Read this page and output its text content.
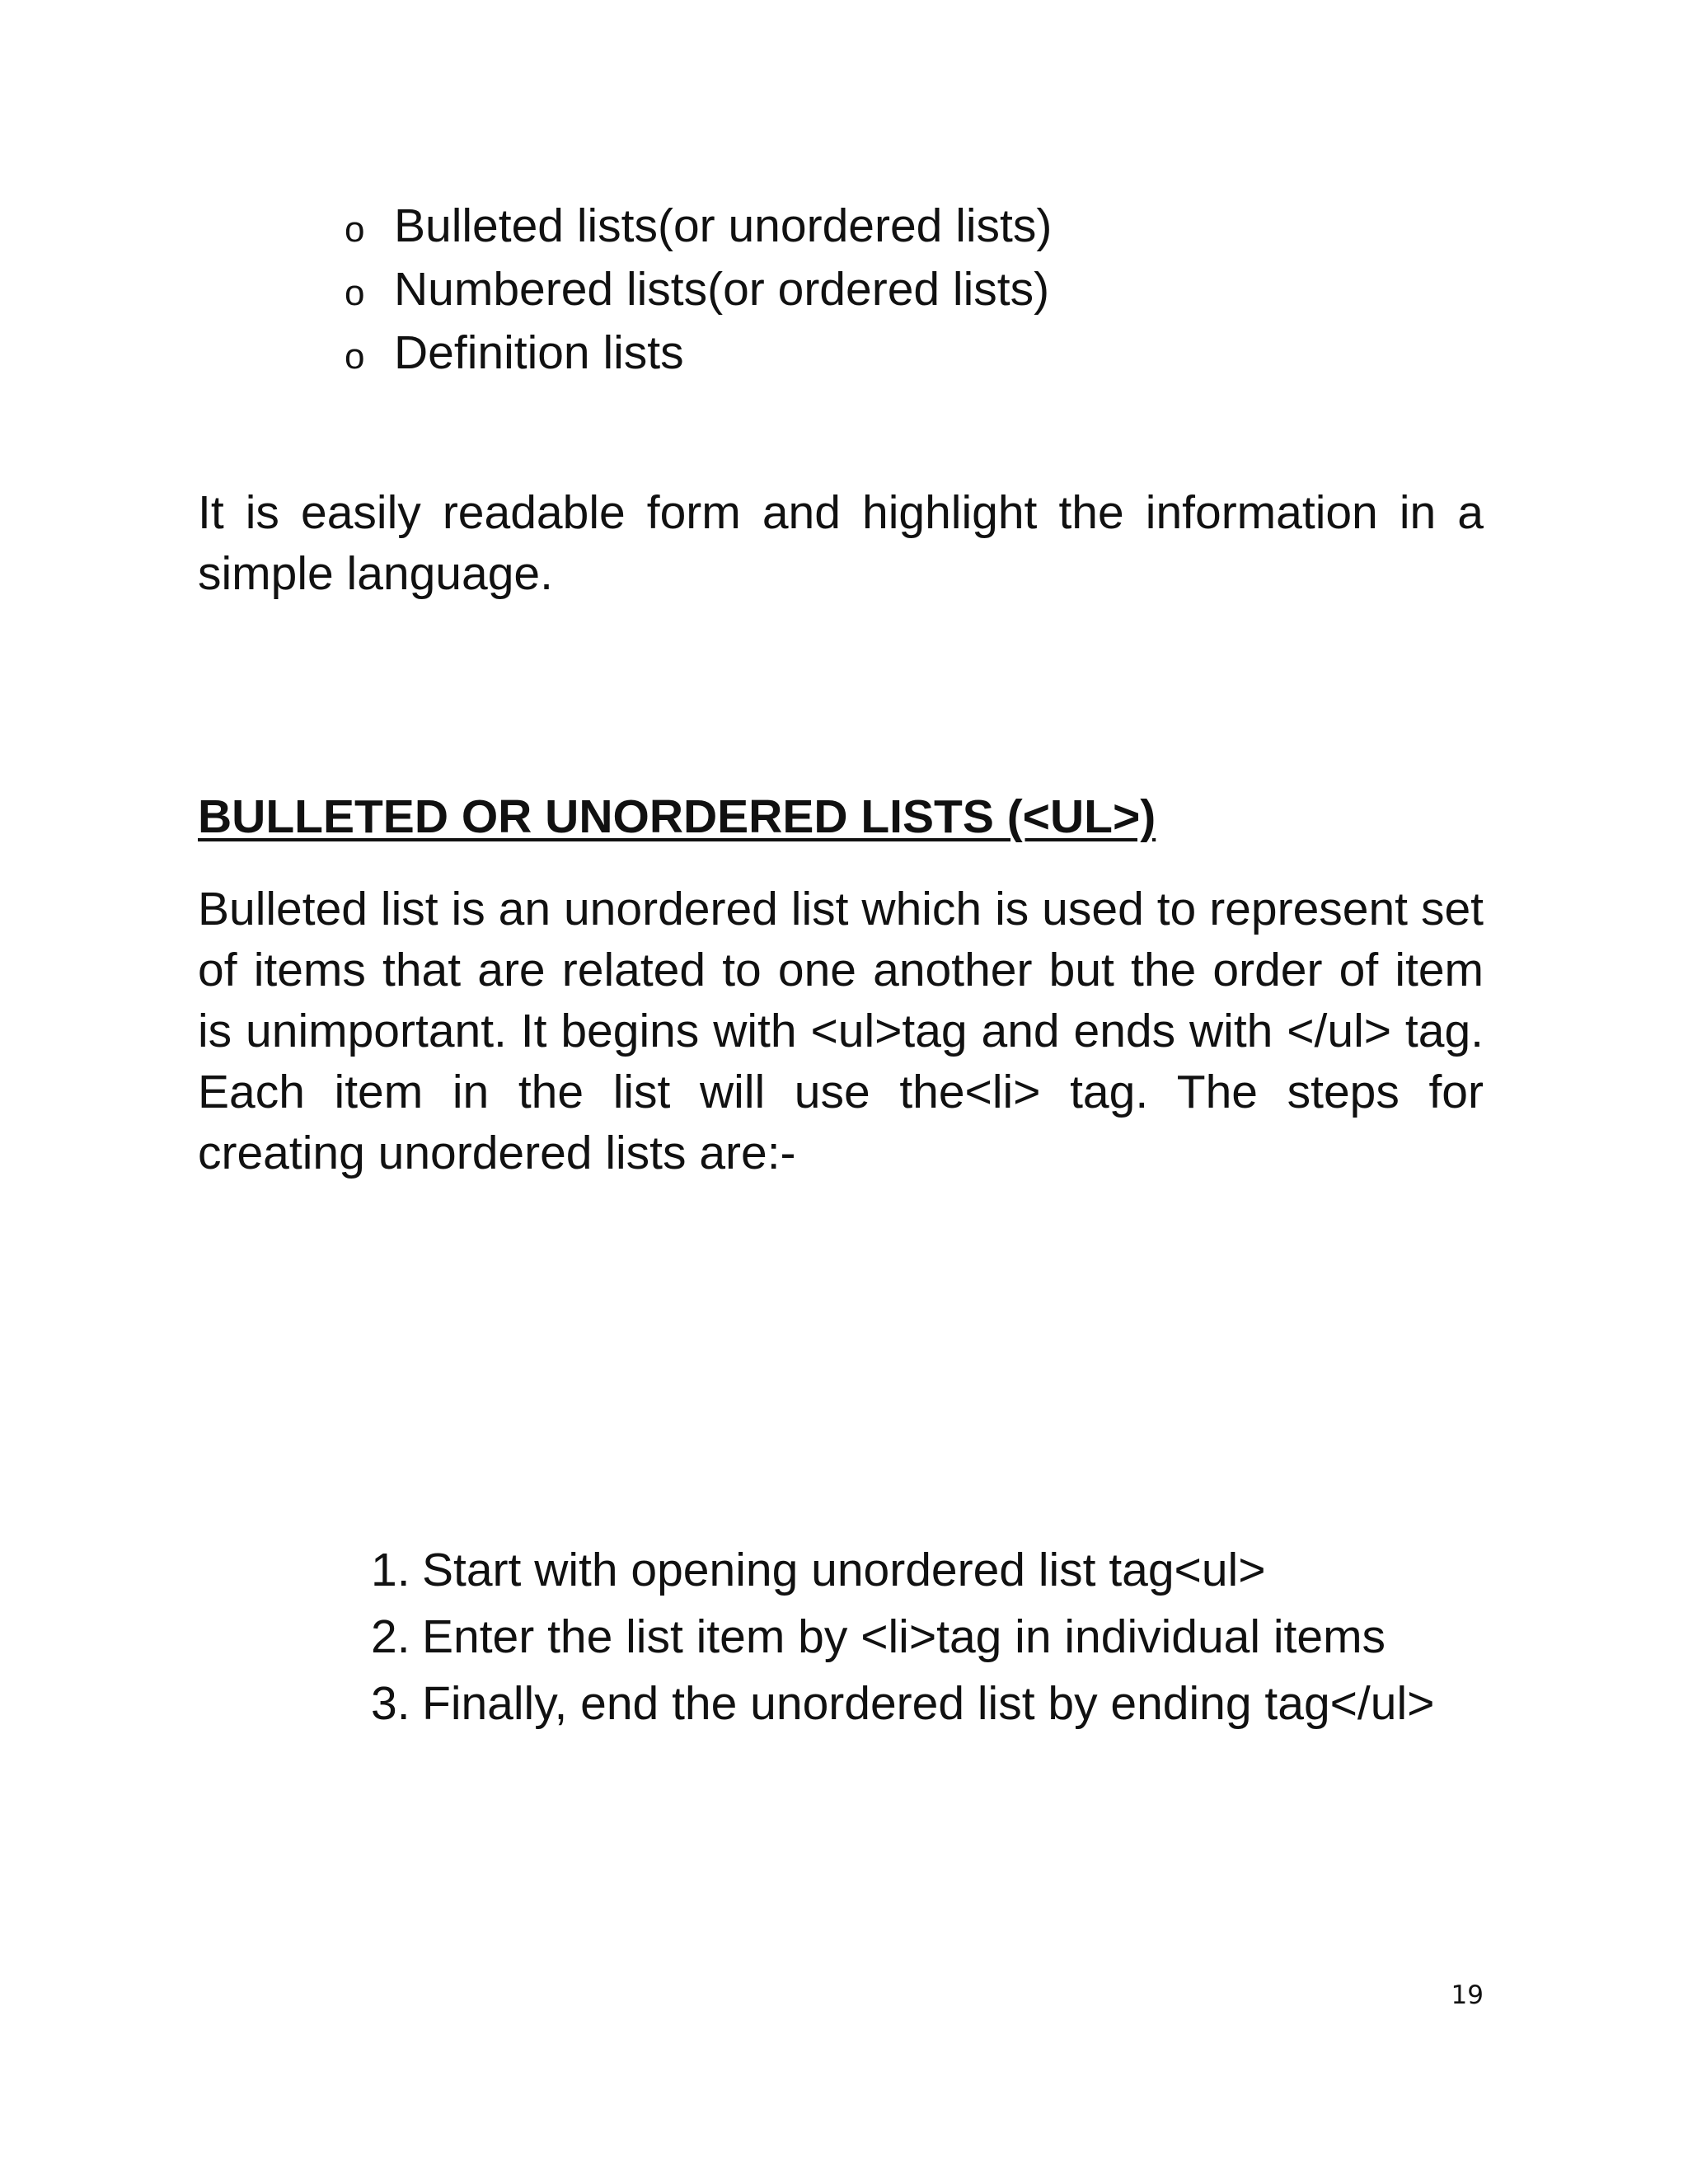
o Bulleted lists(or unordered lists)
o Numbered lists(or ordered lists)
o Definition lists

It is easily readable form and highlight the information in a simple language.

BULLETED OR UNORDERED LISTS (<UL>)

Bulleted list is an unordered list which is used to represent set of items that are related to one another but the order of item is unimportant. It begins with <ul>tag and ends with </ul> tag. Each item in the list will use the<li> tag. The steps for creating unordered lists are:-

1. Start with opening unordered list tag<ul>
2. Enter the list item by <li>tag in individual items
3. Finally, end the unordered list by ending tag</ul>
19
